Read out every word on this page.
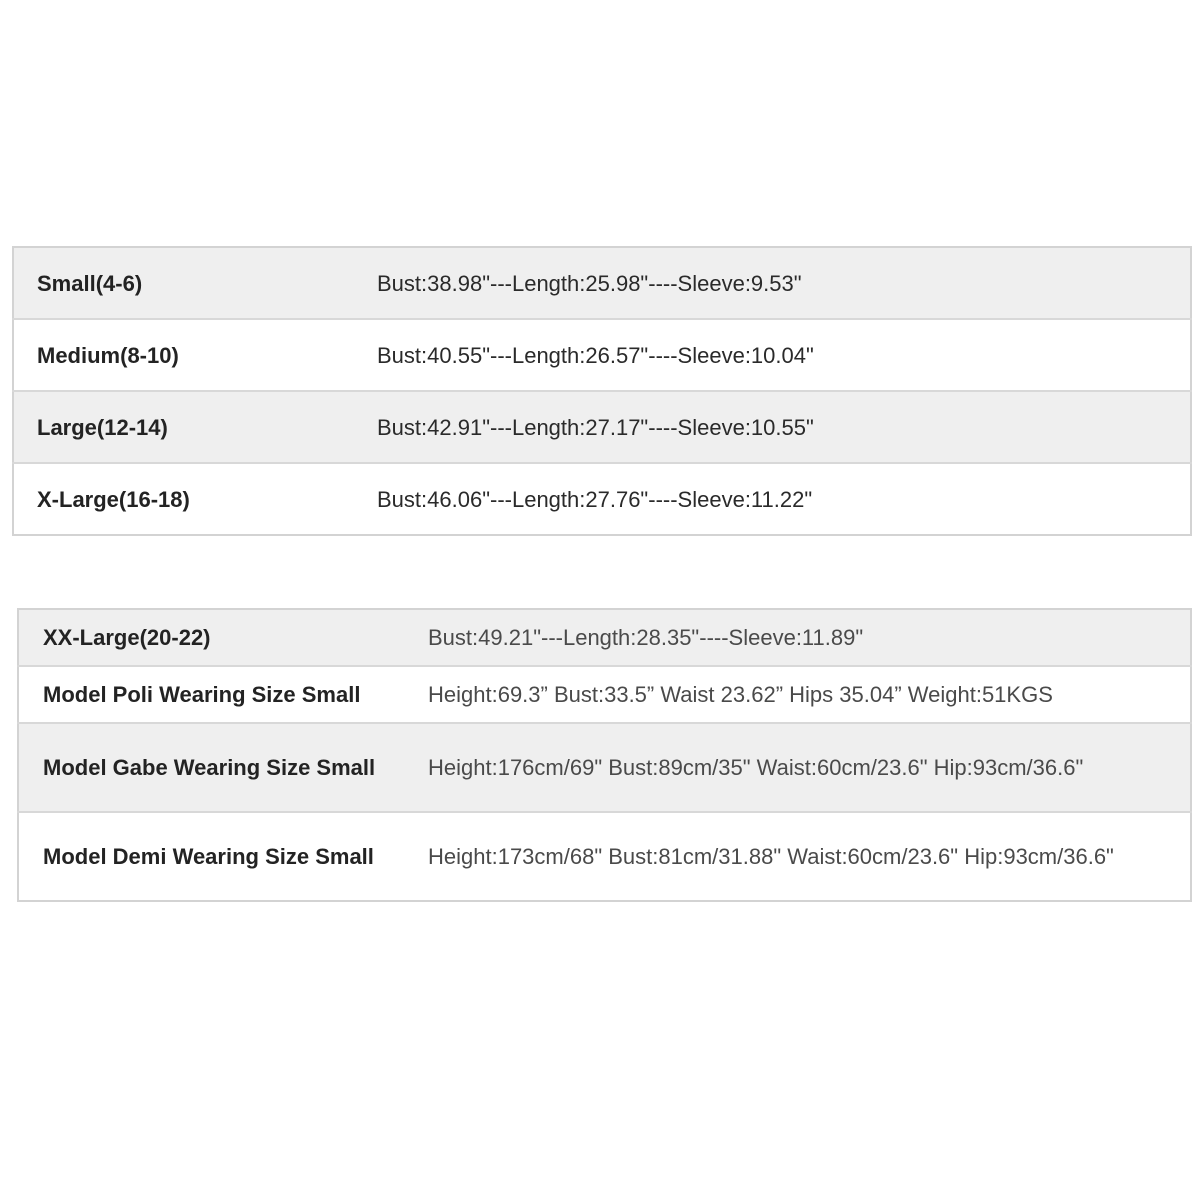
Small(4-6)	Bust:38.98"---Length:25.98"----Sleeve:9.53"
Medium(8-10)	Bust:40.55"---Length:26.57"----Sleeve:10.04"
Large(12-14)	Bust:42.91"---Length:27.17"----Sleeve:10.55"
X-Large(16-18)	Bust:46.06"---Length:27.76"----Sleeve:11.22"
XX-Large(20-22)	Bust:49.21"---Length:28.35"----Sleeve:11.89"
Model Poli Wearing Size Small	Height:69.3” Bust:33.5” Waist 23.62” Hips 35.04” Weight:51KGS
Model Gabe Wearing Size Small	Height:176cm/69" Bust:89cm/35" Waist:60cm/23.6" Hip:93cm/36.6"
Model Demi Wearing Size Small	Height:173cm/68" Bust:81cm/31.88" Waist:60cm/23.6" Hip:93cm/36.6"
